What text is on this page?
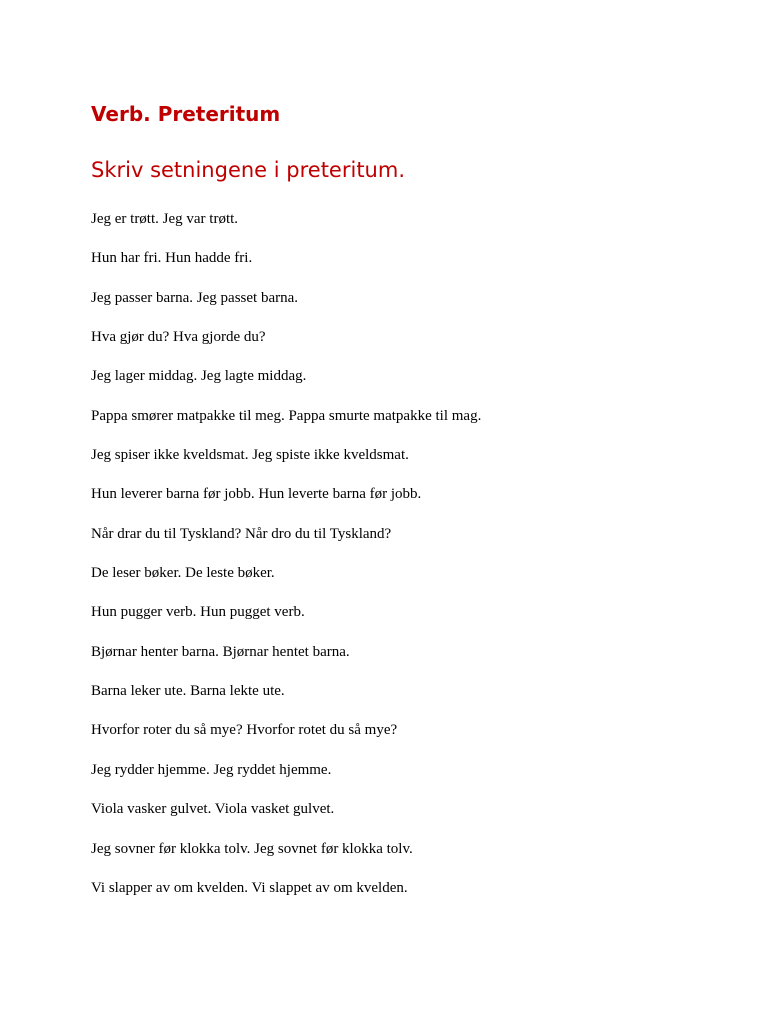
Verb. Preteritum
Skriv setningene i preteritum.
Jeg er trøtt. Jeg var trøtt.
Hun har fri. Hun hadde fri.
Jeg passer barna. Jeg passet barna.
Hva gjør du? Hva gjorde du?
Jeg lager middag. Jeg lagte middag.
Pappa smører matpakke til meg. Pappa smurte matpakke til mag.
Jeg spiser ikke kveldsmat. Jeg spiste ikke kveldsmat.
Hun leverer barna før jobb. Hun leverte barna før jobb.
Når drar du til Tyskland? Når dro du til Tyskland?
De leser bøker. De leste bøker.
Hun pugger verb. Hun pugget verb.
Bjørnar henter barna. Bjørnar hentet barna.
Barna leker ute. Barna lekte ute.
Hvorfor roter du så mye? Hvorfor rotet du så mye?
Jeg rydder hjemme. Jeg ryddet hjemme.
Viola vasker gulvet. Viola vasket gulvet.
Jeg sovner før klokka tolv. Jeg sovnet før klokka tolv.
Vi slapper av om kvelden. Vi slappet av om kvelden.
